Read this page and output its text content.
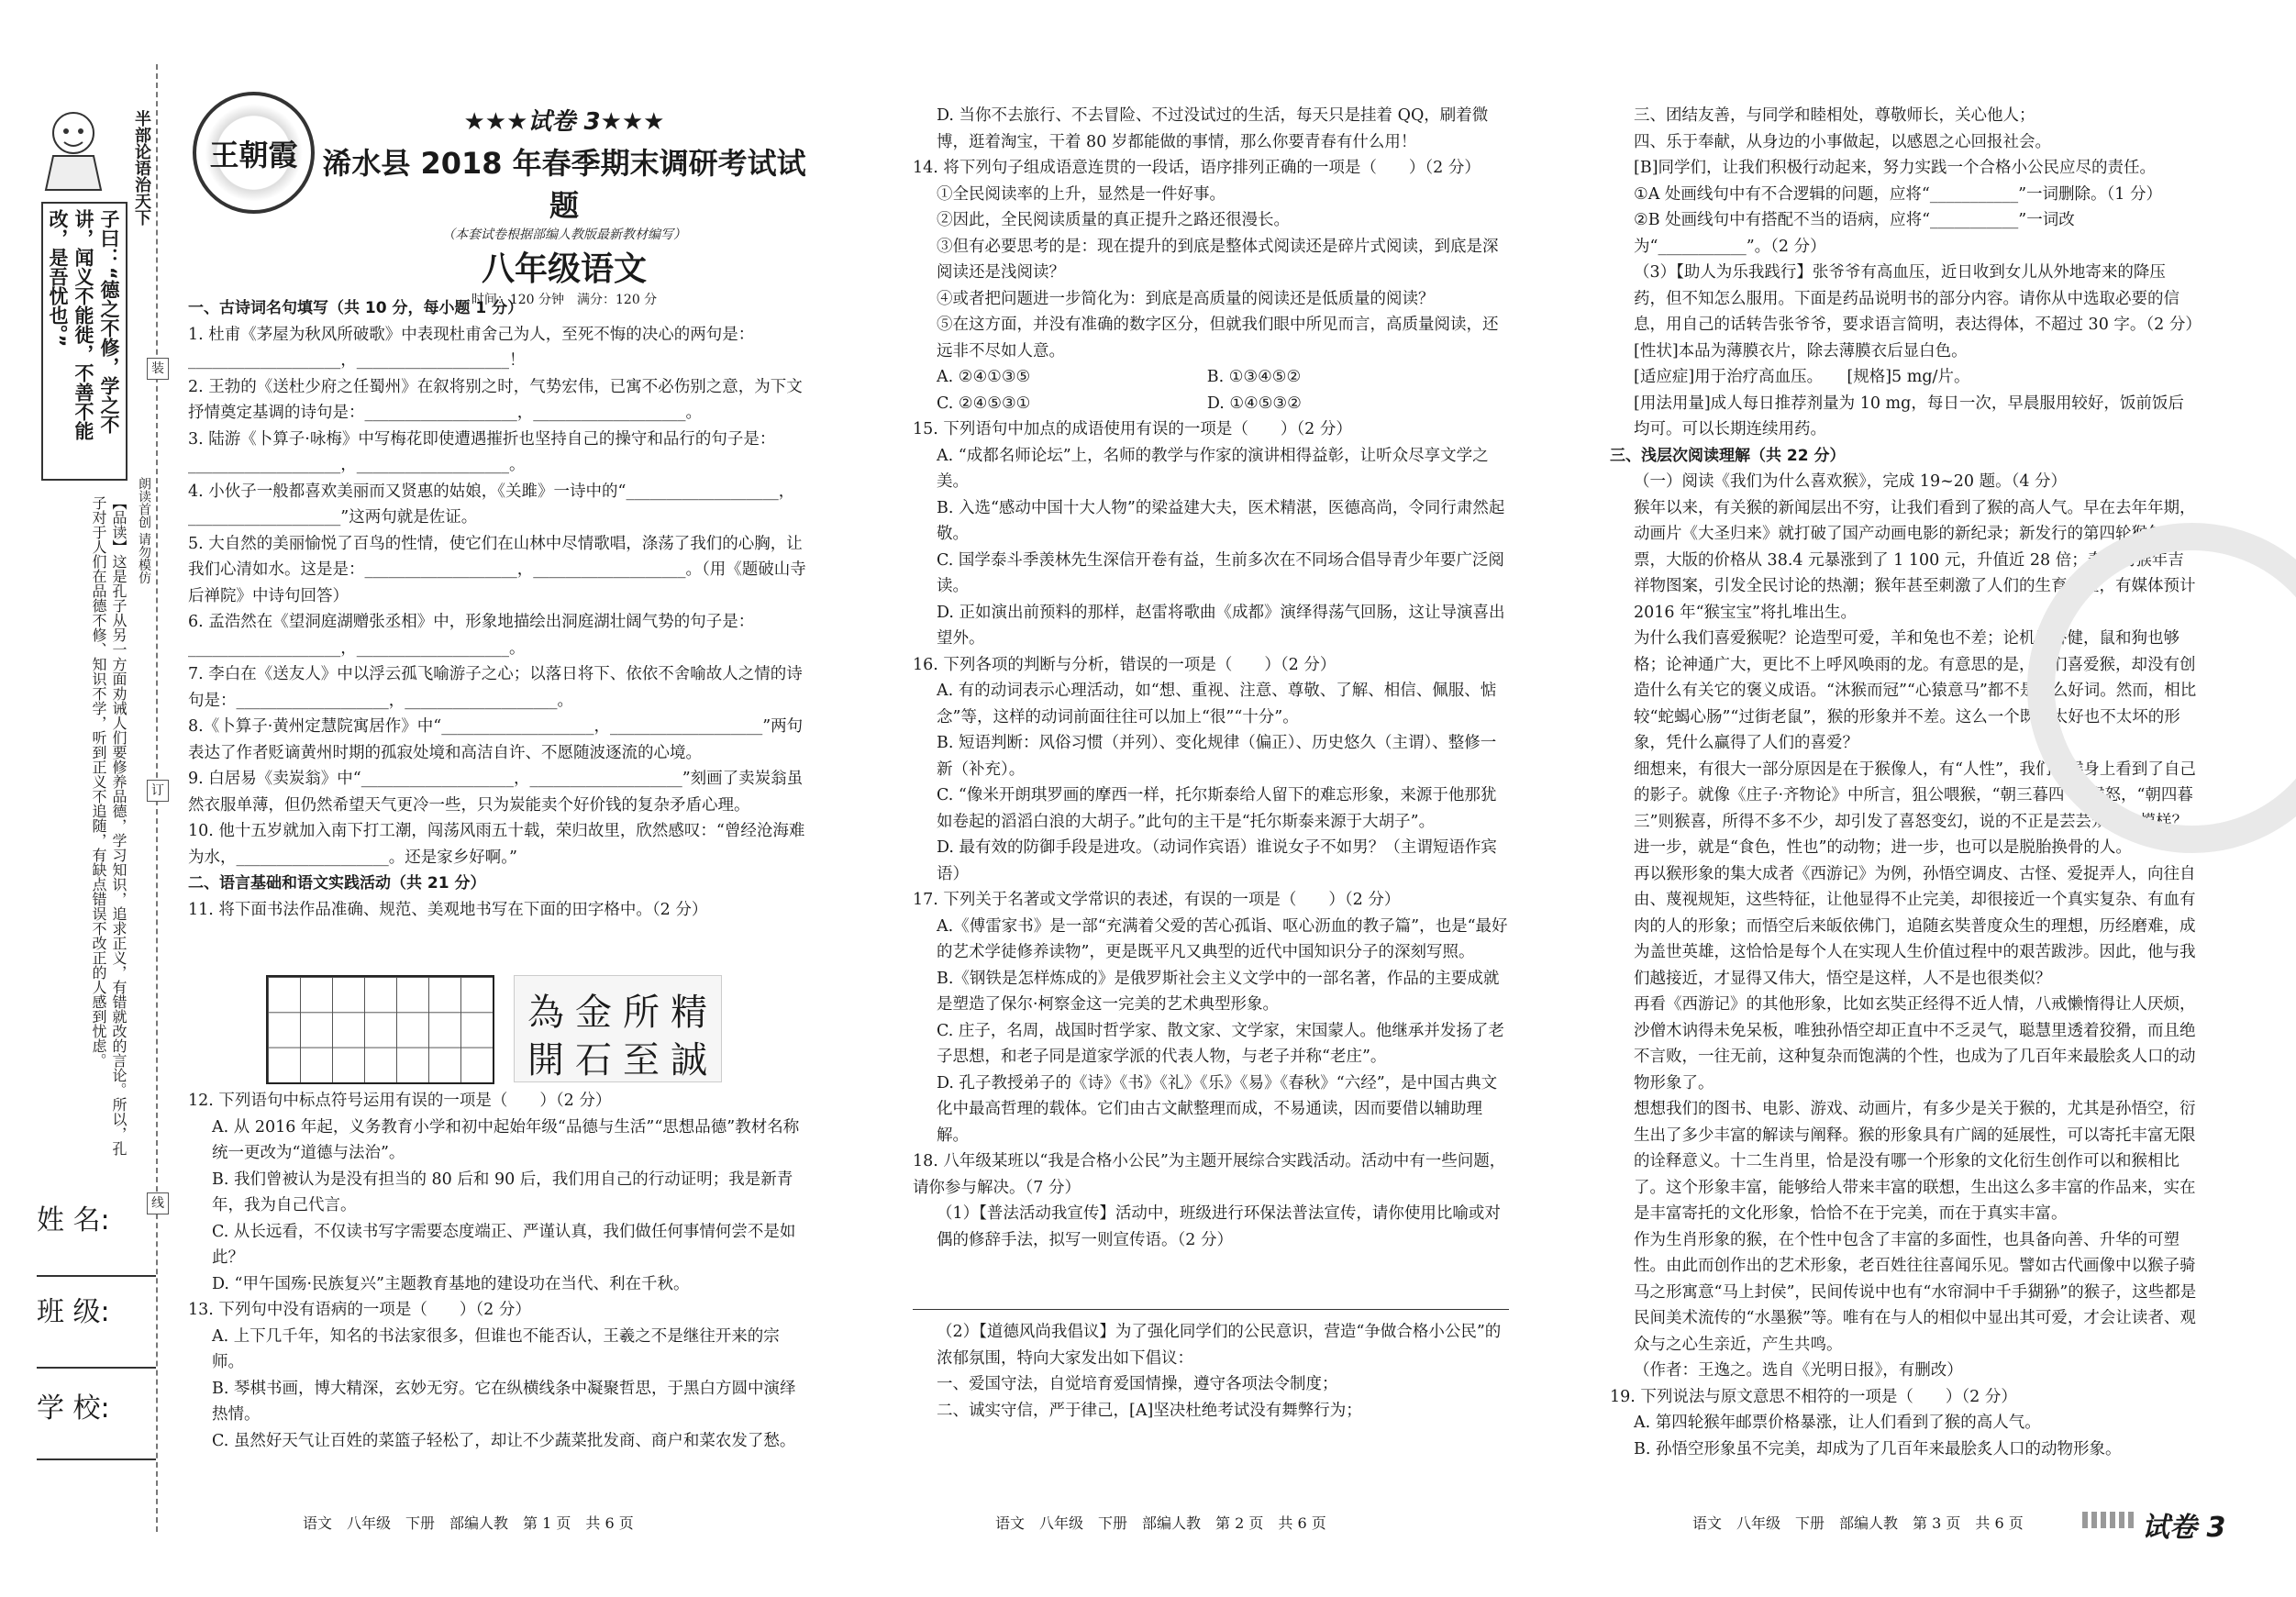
半部论语治天下
子曰：“德之不修，学之不讲，闻义不能徙，不善不能改，是吾忧也。”
【品读】这是孔子从另一方面劝诫人们要修养品德，学习知识，追求正义，有错就改的言论。所以，孔子对于人们在品德不修、知识不学，听到正义不追随，有缺点错误不改正的人感到忧虑。	朗读首创 请勿模仿
装
订
线
姓 名:
班 级:
学 校:
王朝霞
★★★试卷 3★★★
浠水县 2018 年春季期末调研考试试题
（本套试卷根据部编人教版最新教材编写）
八年级语文
时间：120 分钟　满分：120 分

一、古诗词名句填写（共 10 分，每小题 1 分）

1. 杜甫《茅屋为秋风所破歌》中表现杜甫舍己为人，至死不悔的决心的两句是：___________________，___________________！

2. 王勃的《送杜少府之任蜀州》在叙将别之时，气势宏伟，已寓不必伤别之意，为下文抒情奠定基调的诗句是：___________________，___________________。

3. 陆游《卜算子·咏梅》中写梅花即使遭遇摧折也坚持自己的操守和品行的句子是：___________________，___________________。

4. 小伙子一般都喜欢美丽而又贤惠的姑娘，《关雎》一诗中的“___________________，___________________”这两句就是佐证。

5. 大自然的美丽愉悦了百鸟的性情，使它们在山林中尽情歌唱，涤荡了我们的心胸，让我们心清如水。这是是：___________________，___________________。（用《题破山寺后禅院》中诗句回答）

6. 孟浩然在《望洞庭湖赠张丞相》中，形象地描绘出洞庭湖壮阔气势的句子是：___________________，___________________。

7. 李白在《送友人》中以浮云孤飞喻游子之心；以落日将下、依依不舍喻故人之情的诗句是：___________________，___________________。

8.《卜算子·黄州定慧院寓居作》中“___________________，___________________”两句表达了作者贬谪黄州时期的孤寂处境和高洁自许、不愿随波逐流的心境。

9. 白居易《卖炭翁》中“___________________，___________________”刻画了卖炭翁虽然衣服单薄，但仍然希望天气更冷一些，只为炭能卖个好价钱的复杂矛盾心理。

10. 他十五岁就加入南下打工潮，闯荡风雨五十载，荣归故里，欣然感叹：“曾经沧海难为水，___________________。还是家乡好啊。”

二、语言基础和语文实践活动（共 21 分）

11. 将下面书法作品准确、规范、美观地书写在下面的田字格中。（2 分）

精
所
金
為
誠
至
石
開

12. 下列语句中标点符号运用有误的一项是（　　）（2 分）

A. 从 2016 年起，义务教育小学和初中起始年级“品德与生活”“思想品德”教材名称统一更改为“道德与法治”。

B. 我们曾被认为是没有担当的 80 后和 90 后，我们用自己的行动证明；我是新青年，我为自己代言。

C. 从长远看，不仅读书写字需要态度端正、严谨认真，我们做任何事情何尝不是如此？

D. “甲午国殇·民族复兴”主题教育基地的建设功在当代、利在千秋。

13. 下列句中没有语病的一项是（　　）（2 分）

A. 上下几千年，知名的书法家很多，但谁也不能否认，王羲之不是继往开来的宗师。

B. 琴棋书画，博大精深，玄妙无穷。它在纵横线条中凝聚哲思，于黑白方圆中演绎热情。

C. 虽然好天气让百姓的菜篮子轻松了，却让不少蔬菜批发商、商户和菜农发了愁。

D. 当你不去旅行、不去冒险、不过没试过的生活，每天只是挂着 QQ，刷着微博，逛着淘宝，干着 80 岁都能做的事情，那么你要青春有什么用！

14. 将下列句子组成语意连贯的一段话，语序排列正确的一项是（　　）（2 分）

①全民阅读率的上升，显然是一件好事。

②因此，全民阅读质量的真正提升之路还很漫长。

③但有必要思考的是：现在提升的到底是整体式阅读还是碎片式阅读，到底是深阅读还是浅阅读？

④或者把问题进一步简化为：到底是高质量的阅读还是低质量的阅读？

⑤在这方面，并没有准确的数字区分，但就我们眼中所见而言，高质量阅读，还远非不尽如人意。

A. ②④①③⑤　　　　　　　　　　　B. ①③④⑤②

C. ②④⑤③①　　　　　　　　　　　D. ①④⑤③②

15. 下列语句中加点的成语使用有误的一项是（　　）（2 分）

A. “成都名师论坛”上，名师的教学与作家的演讲相得益彰，让听众尽享文学之美。

B. 入选“感动中国十大人物”的梁益建大夫，医术精湛，医德高尚，令同行肃然起敬。

C. 国学泰斗季羡林先生深信开卷有益，生前多次在不同场合倡导青少年要广泛阅读。

D. 正如演出前预料的那样，赵雷将歌曲《成都》演绎得荡气回肠，这让导演喜出望外。

16. 下列各项的判断与分析，错误的一项是（　　）（2 分）

A. 有的动词表示心理活动，如“想、重视、注意、尊敬、了解、相信、佩服、惦念”等，这样的动词前面往往可以加上“很”“十分”。

B. 短语判断：风俗习惯（并列）、变化规律（偏正）、历史悠久（主谓）、整修一新（补充）。

C. “像米开朗琪罗画的摩西一样，托尔斯泰给人留下的难忘形象，来源于他那犹如卷起的滔滔白浪的大胡子。”此句的主干是“托尔斯泰来源于大胡子”。

D. 最有效的防御手段是进攻。（动词作宾语）谁说女子不如男？（主谓短语作宾语）

17. 下列关于名著或文学常识的表述，有误的一项是（　　）（2 分）

A.《傅雷家书》是一部“充满着父爱的苦心孤诣、呕心沥血的教子篇”，也是“最好的艺术学徒修养读物”，更是既平凡又典型的近代中国知识分子的深刻写照。

B.《钢铁是怎样炼成的》是俄罗斯社会主义文学中的一部名著，作品的主要成就是塑造了保尔·柯察金这一完美的艺术典型形象。

C. 庄子，名周，战国时哲学家、散文家、文学家，宋国蒙人。他继承并发扬了老子思想，和老子同是道家学派的代表人物，与老子并称“老庄”。

D. 孔子教授弟子的《诗》《书》《礼》《乐》《易》《春秋》“六经”，是中国古典文化中最高哲理的载体。它们由古文献整理而成，不易通读，因而要借以辅助理解。

18. 八年级某班以“我是合格小公民”为主题开展综合实践活动。活动中有一些问题，请你参与解决。（7 分）

（1）【普法活动我宣传】活动中，班级进行环保法普法宣传，请你使用比喻或对偶的修辞手法，拟写一则宣传语。（2 分）

（2）【道德风尚我倡议】为了强化同学们的公民意识，营造“争做合格小公民”的浓郁氛围，特向大家发出如下倡议：

一、爱国守法，自觉培育爱国情操，遵守各项法令制度；

二、诚实守信，严于律己，[A]坚决杜绝考试没有舞弊行为；

三、团结友善，与同学和睦相处，尊敬师长，关心他人；

四、乐于奉献，从身边的小事做起，以感恩之心回报社会。

[B]同学们，让我们积极行动起来，努力实践一个合格小公民应尽的责任。

①A 处画线句中有不合逻辑的问题，应将“___________”一词删除。（1 分）

②B 处画线句中有搭配不当的语病，应将“___________”一词改为“___________”。（2 分）

（3）【助人为乐我践行】张爷爷有高血压，近日收到女儿从外地寄来的降压药，但不知怎么服用。下面是药品说明书的部分内容。请你从中选取必要的信息，用自己的话转告张爷爷，要求语言简明，表达得体，不超过 30 字。（2 分）

[性状]本品为薄膜衣片，除去薄膜衣后显白色。

[适应症]用于治疗高血压。　　[规格]5 mg/片。

[用法用量]成人每日推荐剂量为 10 mg，每日一次，早晨服用较好，饭前饭后均可。可以长期连续用药。

三、浅层次阅读理解（共 22 分）

（一）阅读《我们为什么喜欢猴》，完成 19~20 题。（4 分）

猴年以来，有关猴的新闻层出不穷，让我们看到了猴的高人气。早在去年年期，动画片《大圣归来》就打破了国产动画电影的新纪录；新发行的第四轮猴年邮票，大版的价格从 38.4 元暴涨到了 1 100 元，升值近 28 倍；春晚的猴年吉祥物图案，引发全民讨论的热潮；猴年甚至刺激了人们的生育愿望，有媒体预计 2016 年“猴宝宝”将扎堆出生。

为什么我们喜爱猴呢？论造型可爱，羊和兔也不差；论机灵矫健，鼠和狗也够格；论神通广大，更比不上呼风唤雨的龙。有意思的是，我们喜爱猴，却没有创造什么有关它的褒义成语。“沐猴而冠”“心猿意马”都不是什么好词。然而，相比较“蛇蝎心肠”“过街老鼠”，猴的形象并不差。这么一个既不太好也不太坏的形象，凭什么赢得了人们的喜爱？

细想来，有很大一部分原因是在于猴像人，有“人性”，我们在猴身上看到了自己的影子。就像《庄子·齐物论》中所言，狙公喂猴，“朝三暮四”则猴怒，“朝四暮三”则猴喜，所得不多不少，却引发了喜怒变幻，说的不正是芸芸众生的模样？进一步，就是“食色，性也”的动物；进一步，也可以是脱胎换骨的人。

再以猴形象的集大成者《西游记》为例，孙悟空调皮、古怪、爱捉弄人，向往自由、蔑视规矩，这些特征，让他显得不止完美，却很接近一个真实复杂、有血有肉的人的形象；而悟空后来皈依佛门，追随玄奘普度众生的理想，历经磨难，成为盖世英雄，这恰恰是每个人在实现人生价值过程中的艰苦跋涉。因此，他与我们越接近，才显得又伟大，悟空是这样，人不是也很类似？

再看《西游记》的其他形象，比如玄奘正经得不近人情，八戒懒惰得让人厌烦，沙僧木讷得未免呆板，唯独孙悟空却正直中不乏灵气，聪慧里透着狡猾，而且绝不言败，一往无前，这种复杂而饱满的个性，也成为了几百年来最脍炙人口的动物形象了。

想想我们的图书、电影、游戏、动画片，有多少是关于猴的，尤其是孙悟空，衍生出了多少丰富的解读与阐释。猴的形象具有广阔的延展性，可以寄托丰富无限的诠释意义。十二生肖里，恰是没有哪一个形象的文化衍生创作可以和猴相比了。这个形象丰富，能够给人带来丰富的联想，生出这么多丰富的作品来，实在是丰富寄托的文化形象，恰恰不在于完美，而在于真实丰富。

作为生肖形象的猴，在个性中包含了丰富的多面性，也具备向善、升华的可塑性。由此而创作出的艺术形象，老百姓往往喜闻乐见。譬如古代画像中以猴子骑马之形寓意“马上封侯”，民间传说中也有“水帘洞中千手猢狲”的猴子，这些都是民间美术流传的“水墨猴”等。唯有在与人的相似中显出其可爱，才会让读者、观众与之心生亲近，产生共鸣。

（作者：王逸之。选自《光明日报》，有删改）

19. 下列说法与原文意思不相符的一项是（　　）（2 分）

A. 第四轮猴年邮票价格暴涨，让人们看到了猴的高人气。

B. 孙悟空形象虽不完美，却成为了几百年来最脍炙人口的动物形象。

语文　八年级　下册　部编人教　第 1 页　共 6 页	语文　八年级　下册　部编人教　第 2 页　共 6 页	语文　八年级　下册　部编人教　第 3 页　共 6 页	试卷 3
